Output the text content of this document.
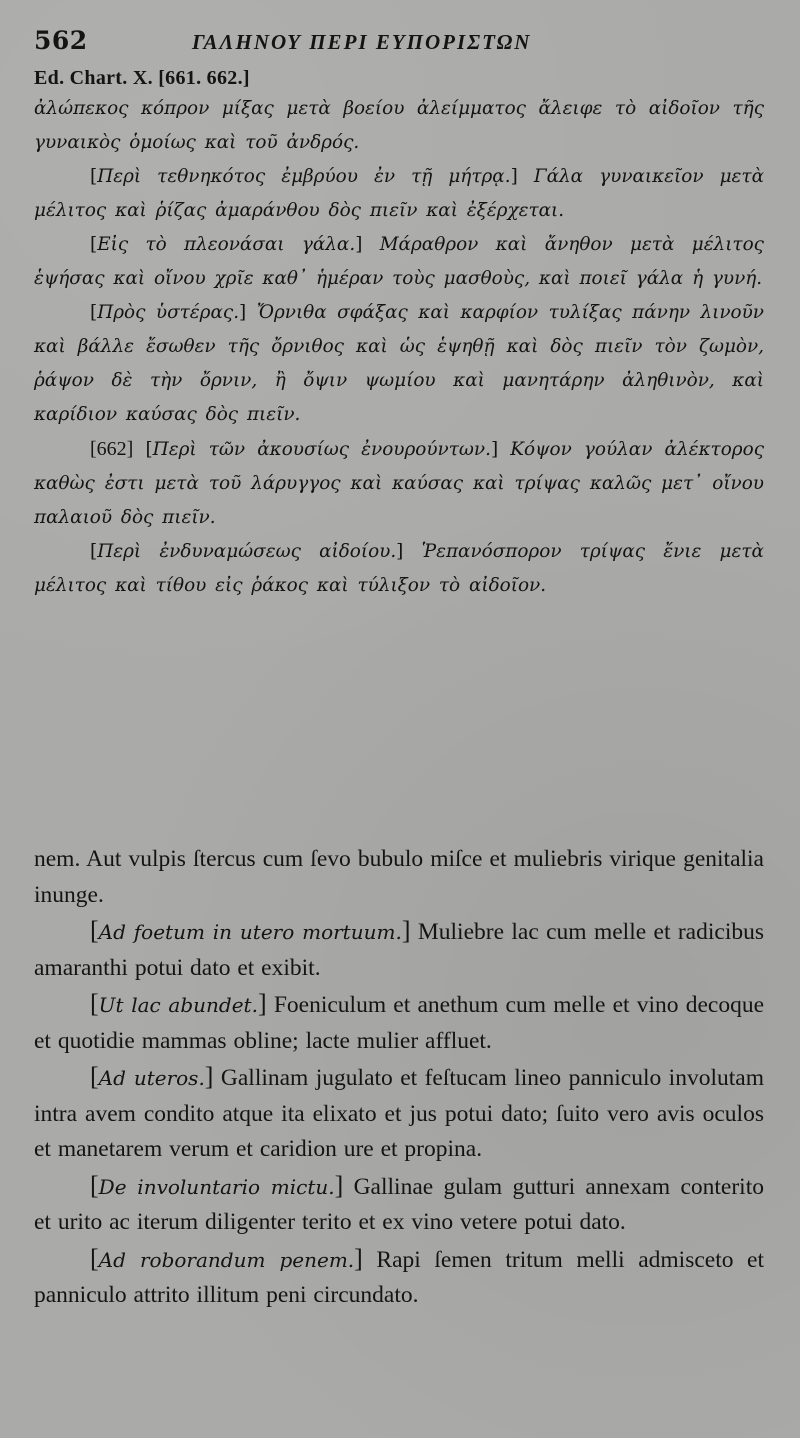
562	ΓΑΛΗΝΟΥ ΠΕΡΙ ΕΥΠΟΡΙΣΤΩΝ
Ed. Chart. X. [661. 662.]

ἀλώπεκος κόπρον μίξας μετὰ βοείου ἀλείμματος ἄλειφε τὸ αἰδοῖον τῆς γυναικὸς ὁμοίως καὶ τοῦ ἀνδρός.

[Περὶ τεθνηκότος ἐμβρύου ἐν τῇ μήτρᾳ.] Γάλα γυναικεῖον μετὰ μέλιτος καὶ ῥίζας ἀμαράνθου δὸς πιεῖν καὶ ἐξέρχεται.

[Εἰς τὸ πλεονάσαι γάλα.] Μάραθρον καὶ ἄνηθον μετὰ μέλιτος ἑψήσας καὶ οἴνου χρῖε καθ᾽ ἡμέραν τοὺς μασθοὺς, καὶ ποιεῖ γάλα ἡ γυνή.

[Πρὸς ὑστέρας.] Ὄρνιθα σφάξας καὶ καρφίον τυλίξας πάνην λινοῦν καὶ βάλλε ἔσωθεν τῆς ὄρνιθος καὶ ὡς ἑψηθῇ καὶ δὸς πιεῖν τὸν ζωμὸν, ῥάψον δὲ τὴν ὄρνιν, ἢ ὄψιν ψωμίου καὶ μανητάρην ἀληθινὸν, καὶ καρίδιον καύσας δὸς πιεῖν.

[662] [Περὶ τῶν ἀκουσίως ἐνουρούντων.] Κόψον γούλαν ἀλέκτορος καθὼς ἐστι μετὰ τοῦ λάρυγγος καὶ καύσας καὶ τρίψας καλῶς μετ᾽ οἴνου παλαιοῦ δὸς πιεῖν.

[Περὶ ἐνδυναμώσεως αἰδοίου.] Ῥεπανόσπορον τρίψας ἔνιε μετὰ μέλιτος καὶ τίθου εἰς ῥάκος καὶ τύλιξον τὸ αἰδοῖον.

nem. Aut vulpis ſtercus cum ſevo bubulo miſce et muliebris virique genitalia inunge.

[Ad foetum in utero mortuum.] Muliebre lac cum melle et radicibus amaranthi potui dato et exibit.

[Ut lac abundet.] Foeniculum et anethum cum melle et vino decoque et quotidie mammas obline; lacte mulier affluet.

[Ad uteros.] Gallinam jugulato et feſtucam lineo panniculo involutam intra avem condito atque ita elixato et jus potui dato; ſuito vero avis oculos et manetarem verum et caridion ure et propina.

[De involuntario mictu.] Gallinae gulam gutturi annexam conterito et urito ac iterum diligenter terito et ex vino vetere potui dato.

[Ad roborandum penem.] Rapi ſemen tritum melli admisceto et panniculo attrito illitum peni circundato.
